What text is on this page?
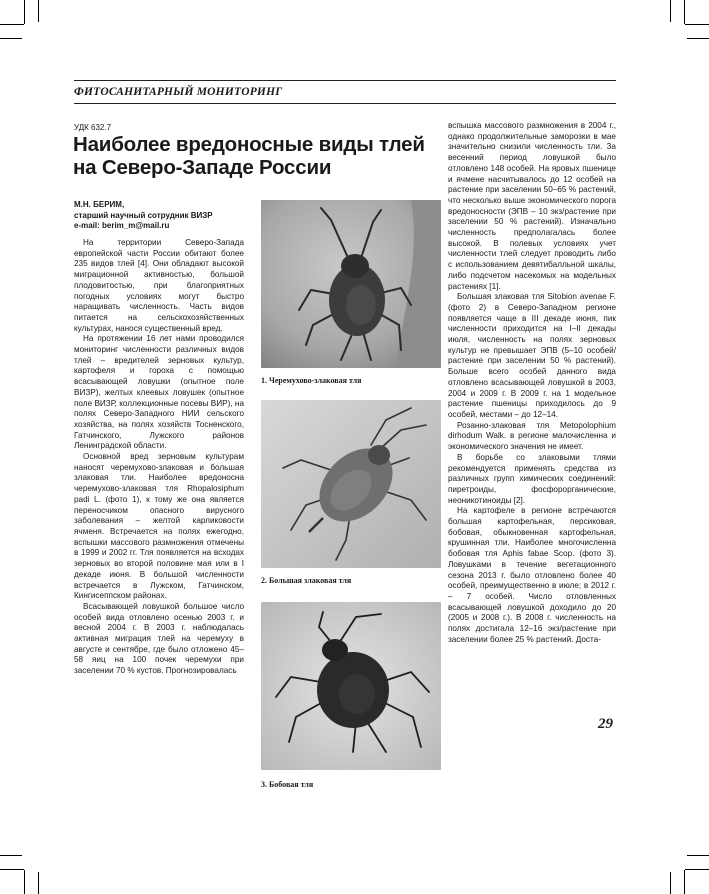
ФИТОСАНИТАРНЫЙ МОНИТОРИНГ
УДК 632.7
Наиболее вредоносные виды тлей на Северо-Западе России
М.Н. БЕРИМ,
старший научный сотрудник ВИЗР
e-mail: berim_m@mail.ru

На территории Северо-Запада европейской части России обитают более 235 видов тлей [4]. Они обладают высокой миграционной активностью, большой плодовитостью, при благоприятных погодных условиях могут быстро наращивать численность. Часть видов питается на сельскохозяйственных культурах, нанося существенный вред.

На протяжении 16 лет нами проводился мониторинг численности различных видов тлей – вредителей зерновых культур, картофеля и гороха с помощью всасывающей ловушки (опытное поле ВИЗР), желтых клеевых ловушек (опытное поле ВИЗР, коллекционные посевы ВИР), на полях Северо-Западного НИИ сельского хозяйства, на полях хозяйств Тосненского, Гатчинского, Лужского районов Ленинградской области.

Основной вред зерновым культурам наносят черемухово-злаковая и большая злаковая тли. Наиболее вредоносна черемухово-злаковая тля Rhopalosiphum padi L. (фото 1), к тому же она является переносчиком опасного вирусного заболевания – желтой карликовости ячменя. Встречается на полях ежегодно, вспышки массового размножения отмечены в 1999 и 2002 гг. Тля появляется на всходах зерновых во второй половине мая или в I декаде июня. В большой численности встречается в Лужском, Гатчинском, Кингисеппском районах.

Всасывающей ловушкой большое число особей вида отловлено осенью 2003 г. и весной 2004 г. В 2003 г. наблюдалась активная миграция тлей на черемуху в августе и сентябре, где было отложено 45–58 яиц на 100 почек черемухи при заселении 70 % кустов. Прогнозировалась

1. Черемухово-злаковая тля
2. Большая злаковая тля
3. Бобовая тля

вспышка массового размножения в 2004 г., однако продолжительные заморозки в мае значительно снизили численность тли. За весенний период ловушкой было отловлено 148 особей. На яровых пшенице и ячмене насчитывалось до 12 особей на растение при заселении 50–65 % растений, что несколько выше экономического порога вредоносности (ЭПВ – 10 экз/растение при заселении 50 % растений). Изначально численность предполагалась более высокой. В полевых условиях учет численности тлей следует проводить либо с использованием девятибалльной шкалы, либо подсчетом насекомых на модельных растениях [1].

Большая злаковая тля Sitobion avenae F. (фото 2) в Северо-Западном регионе появляется чаще в III декаде июня, пик численности приходится на I–II декады июля, численность на полях зерновых культур не превышает ЭПВ (5–10 особей/растение при заселении 50 % растений). Больше всего особей данного вида отловлено всасывающей ловушкой в 2003, 2004 и 2009 г. В 2009 г. на 1 модельное растение пшеницы приходилось до 9 особей, местами – до 12–14.

Розанно-злаковая тля Metopolophium dirhodum Walk. в регионе малочисленна и экономического значения не имеет.

В борьбе со злаковыми тлями рекомендуется применять средства из различных групп химических соединений: пиретроиды, фосфорорганические, неоникотиноиды [2].

На картофеле в регионе встречаются большая картофельная, персиковая, бобовая, обыкновенная картофельная, крушинная тли. Наиболее многочисленна бобовая тля Aphis fabae Scop. (фото 3). Ловушками в течение вегетационного сезона 2013 г. было отловлено более 40 особей, преимущественно в июле; в 2012 г. – 7 особей. Число отловленных всасывающей ловушкой доходило до 20 (2005 и 2008 г.). В 2008 г. численность на полях достигала 12–16 экз/растение при заселении более 25 % растений. Доста-

29
